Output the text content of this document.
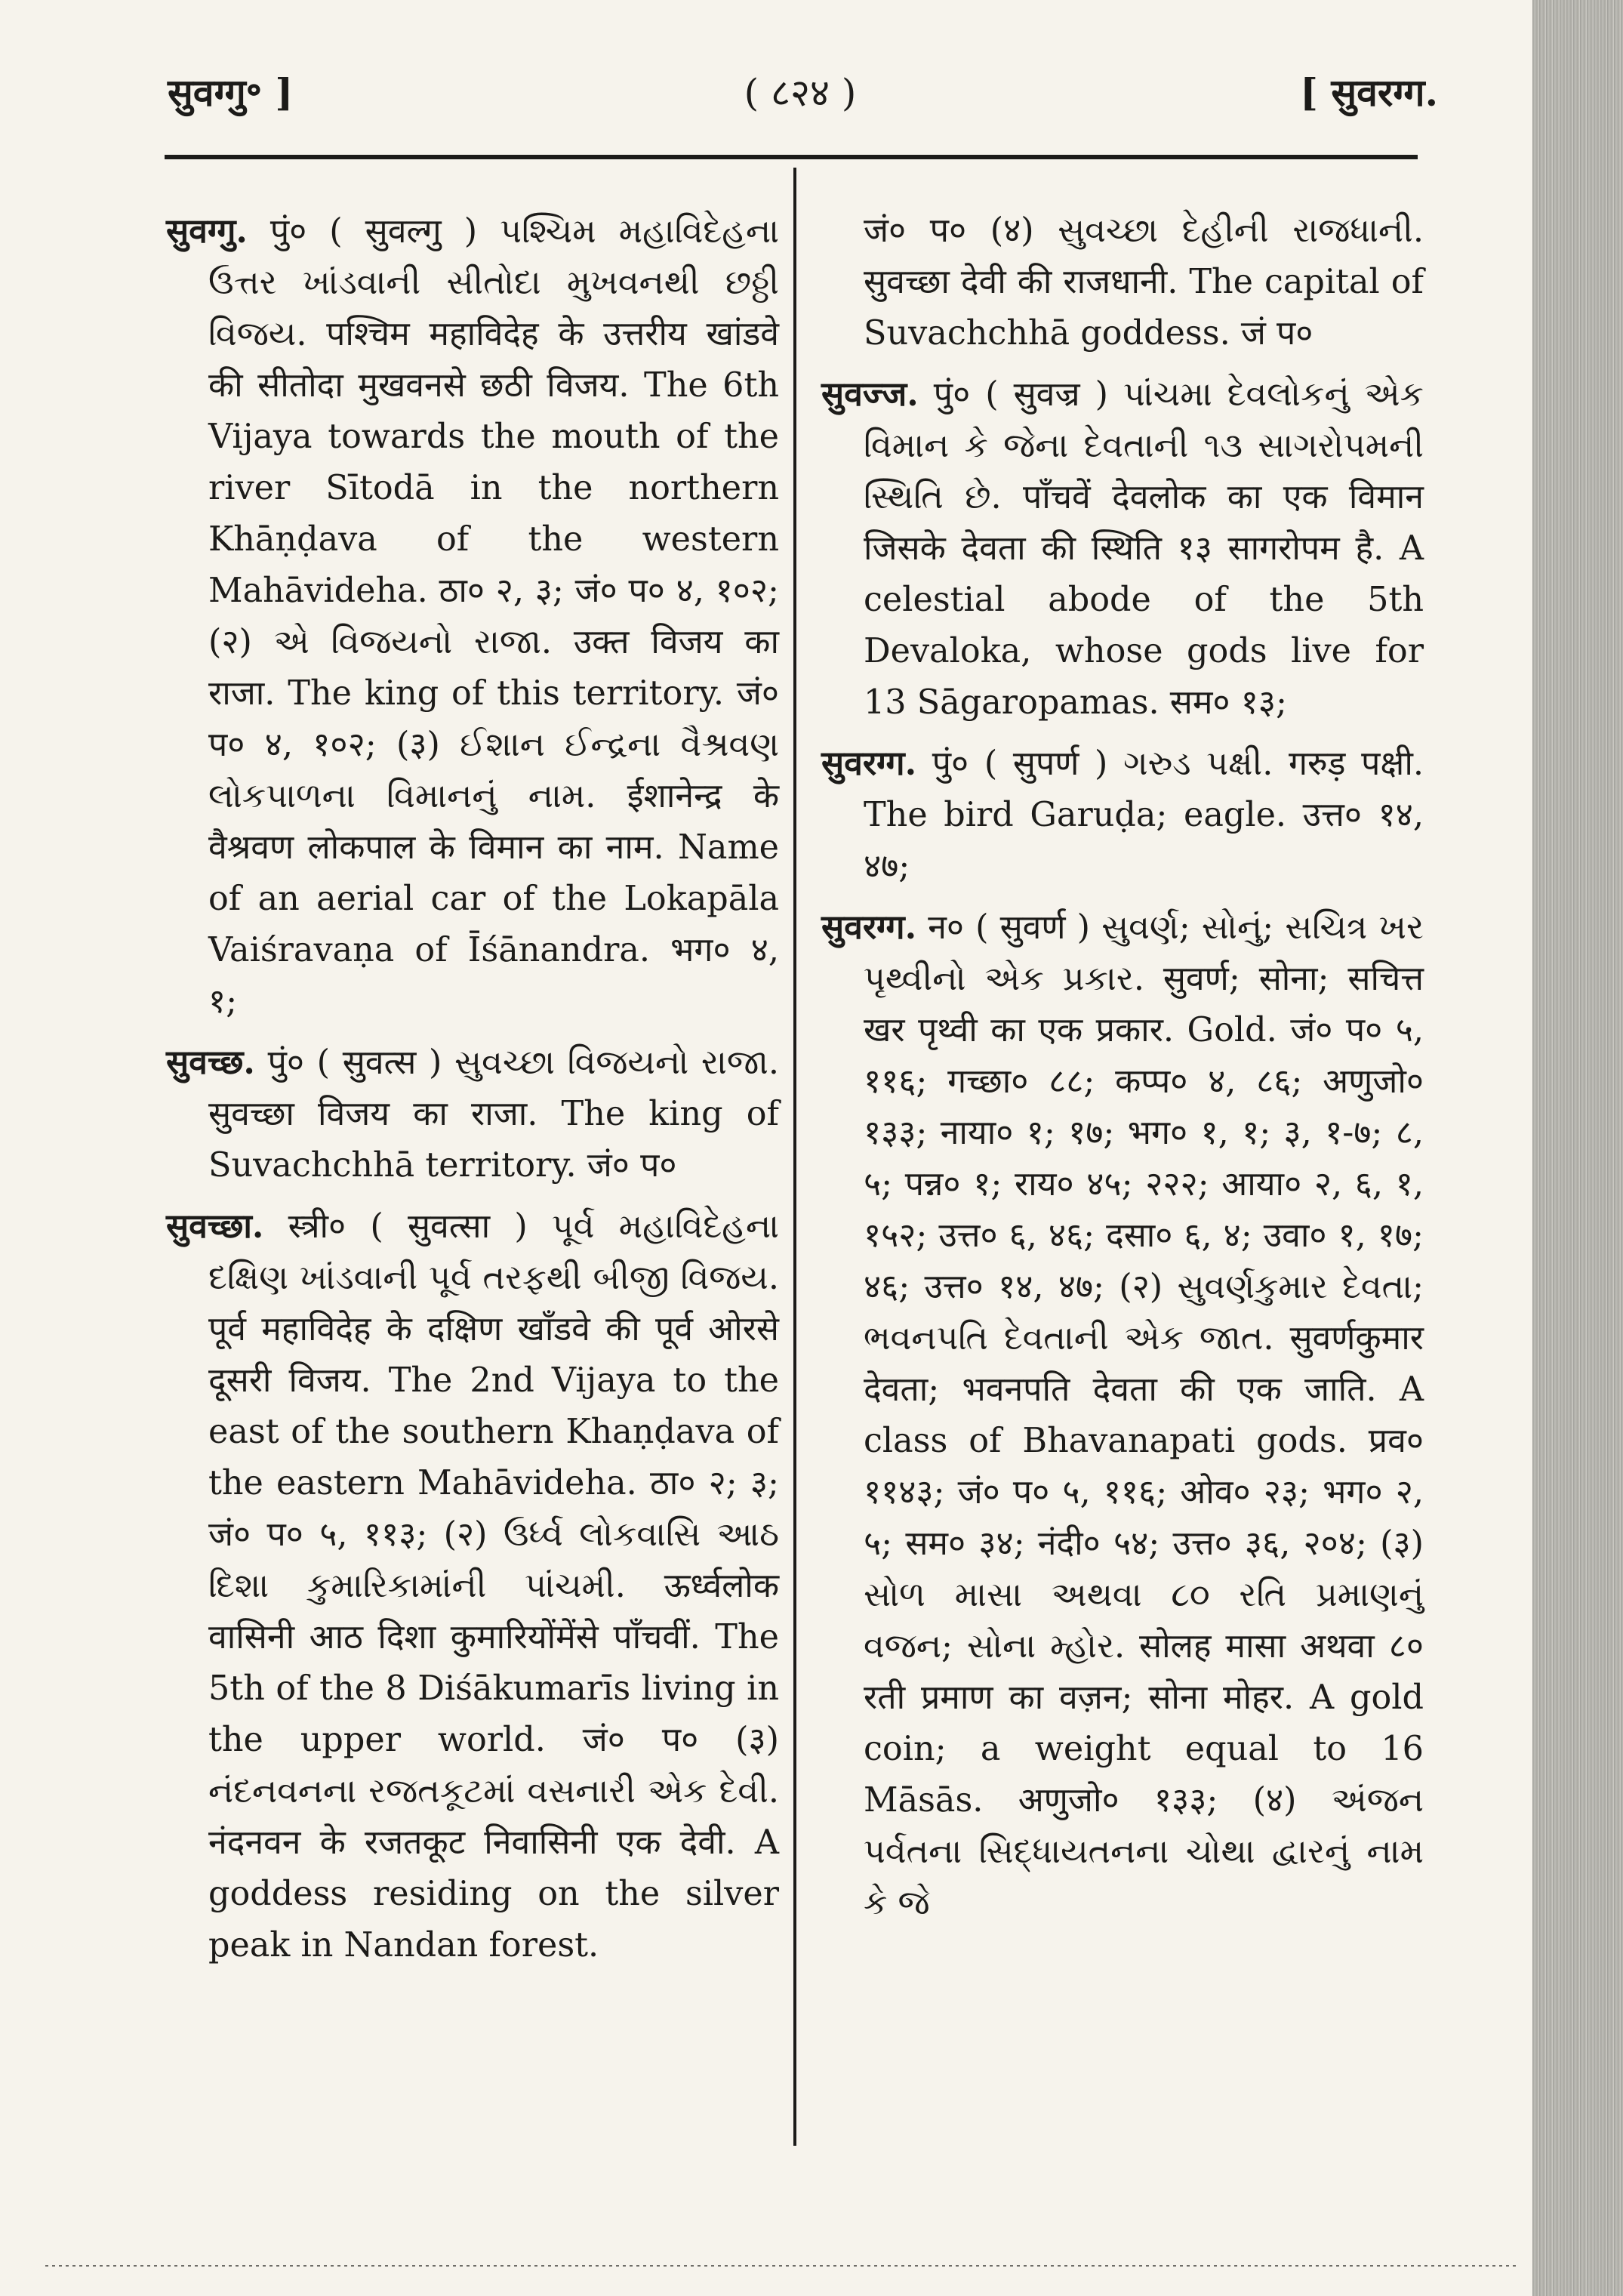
सुवग्गु॰ ]	( ८२४ )	[ सुवरग्ग.

सुवग्गु. पुं० ( सुवल्गु ) પશ્ચિમ મહાવિદેહના ઉત્તર ખાંડવાની સીતોદા મુખવનથી છઠ્ઠી વિજય. पश्चिम महाविदेह के उत्तरीय खांडवे की सीतोदा मुखवनसे छठी विजय. The 6th Vijaya towards the mouth of the river Sītodā in the northern Khāṇḍava of the western Mahāvideha. ठा० २, ३; जं० प० ४, १०२; (२) એ વિજયનો રાજા. उक्त विजय का राजा. The king of this territory. जं० प० ४, १०२; (३) ઈશાન ઈન્દ્રના વૈશ્રવણ લોકપાળના વિમાનનું નામ. ईशानेन्द्र के वैश्रवण लोकपाल के विमान का नाम. Name of an aerial car of the Lokapāla Vaiśravaṇa of Īśānandra. भग० ४, १;

सुवच्छ. पुं० ( सुवत्स ) સુવચ્છા વિજયનો રાજા. सुवच्छा विजय का राजा. The king of Suvachchhā territory. जं० प०

सुवच्छा. स्त्री० ( सुवत्सा ) પૂર્વ મહાવિદેહના દક્ષિણ ખાંડવાની પૂર્વ તરફથી બીજી વિજય. पूर्व महाविदेह के दक्षिण खाँडवे की पूर्व ओरसे दूसरी विजय. The 2nd Vijaya to the east of the southern Khaṇḍava of the eastern Mahāvideha. ठा० २; ३; जं० प० ५, ११३; (२) ઉર્ધ્વ લોકવાસિ આઠ દિશા કુમારિકામાંની પાંચમી. ऊर्ध्वलोक वासिनी आठ दिशा कुमारियोंमेंसे पाँचवीं. The 5th of the 8 Diśākumarīs living in the upper world. जं० प० (३) નંદનવનના રજતકૂટમાં વસનારી એક દેવી. नंदनवन के रजतकूट निवासिनी एक देवी. A goddess residing on the silver peak in Nandan forest.

जं० प० (४) સુવચ્છા દેહીની રાજધાની. सुवच्छा देवी की राजधानी. The capital of Suvachchhā goddess. जं प०

सुवज्ज. पुं० ( सुवज्र ) પાંચમા દેવલોકનું એક વિમાન કે જેના દેવતાની ૧૩ સાગરોપમની સ્થિતિ છે. पाँचवें देवलोक का एक विमान जिसके देवता की स्थिति १३ सागरोपम है. A celestial abode of the 5th Devaloka, whose gods live for 13 Sāgaropamas. सम० १३;

सुवरग्ग. पुं० ( सुपर्ण ) ગરુડ પક્ષી. गरुड़ पक्षी. The bird Garuḍa; eagle. उत्त० १४, ४७;

सुवरग्ग. न० ( सुवर्ण ) સુવર્ણ; સોનું; સચિત્ર ખર પૃથ્વીનો એક પ્રકાર. सुवर्ण; सोना; सचित्त खर पृथ्वी का एक प्रकार. Gold. जं० प० ५, ११६; गच्छा० ८८; कप्प० ४, ८६; अणुजो० १३३; नाया० १; १७; भग० १, १; ३, १-७; ८, ५; पन्न० १; राय० ४५; २२२; आया० २, ६, १, १५२; उत्त० ६, ४६; दसा० ६, ४; उवा० १, १७; ४६; उत्त० १४, ४७; (२) સુવર્ણકુમાર દેવતા; ભવનપતિ દેવતાની એક જાત. सुवर्णकुमार देवता; भवनपति देवता की एक जाति. A class of Bhavanapati gods. प्रव० ११४३; जं० प० ५, ११६; ओव० २३; भग० २, ५; सम० ३४; नंदी० ५४; उत्त० ३६, २०४; (३) સોળ માસા અથવા ૮૦ રતિ પ્રમાણનું વજન; સોના મ્હોર. सोलह मासा अथवा ८० रती प्रमाण का वज़न; सोना मोहर. A gold coin; a weight equal to 16 Māsās. अणुजो० १३३; (४) અંજન પર્વતના સિદ્ધાયતનના ચોથા દ્વારનું નામ કે જે
